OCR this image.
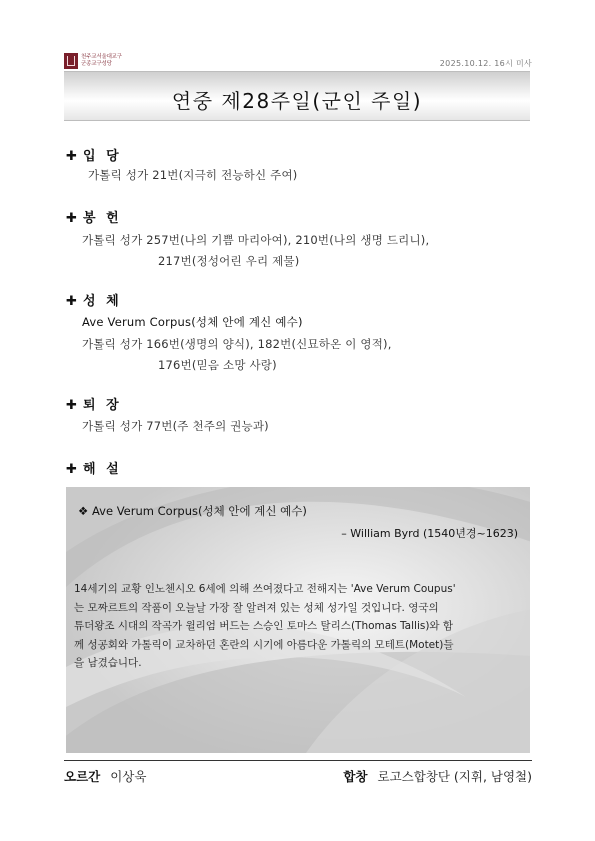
천주교서울대교구
군종교구성당	2025.10.12. 16시 미사
연중 제28주일(군인 주일)
✚ 입 당
가톨릭 성가 21번(지극히 전능하신 주여)
✚ 봉 헌
가톨릭 성가 257번(나의 기쁨 마리아여), 210번(나의 생명 드리니),
217번(정성어린 우리 제물)
✚ 성 체
Ave Verum Corpus(성체 안에 계신 예수)
가톨릭 성가 166번(생명의 양식), 182번(신묘하온 이 영적),
176번(믿음 소망 사랑)
✚ 퇴 장
가톨릭 성가 77번(주 천주의 권능과)
✚ 해 설
❖ Ave Verum Corpus(성체 안에 계신 예수)
– William Byrd (1540년경~1623)
14세기의 교황 인노첸시오 6세에 의해 쓰여졌다고 전해지는 'Ave Verum Coupus'
는 모짜르트의 작품이 오늘날 가장 잘 알려져 있는 성체 성가일 것입니다. 영국의
튜더왕조 시대의 작곡가 윌리엄 버드는 스승인 토마스 탈리스(Thomas Tallis)와 함
께 성공회와 가톨릭이 교차하던 혼란의 시기에 아름다운 가톨릭의 모테트(Motet)들
을 남겼습니다.
오르간 이상욱	합창 로고스합창단 (지휘, 남영철)
